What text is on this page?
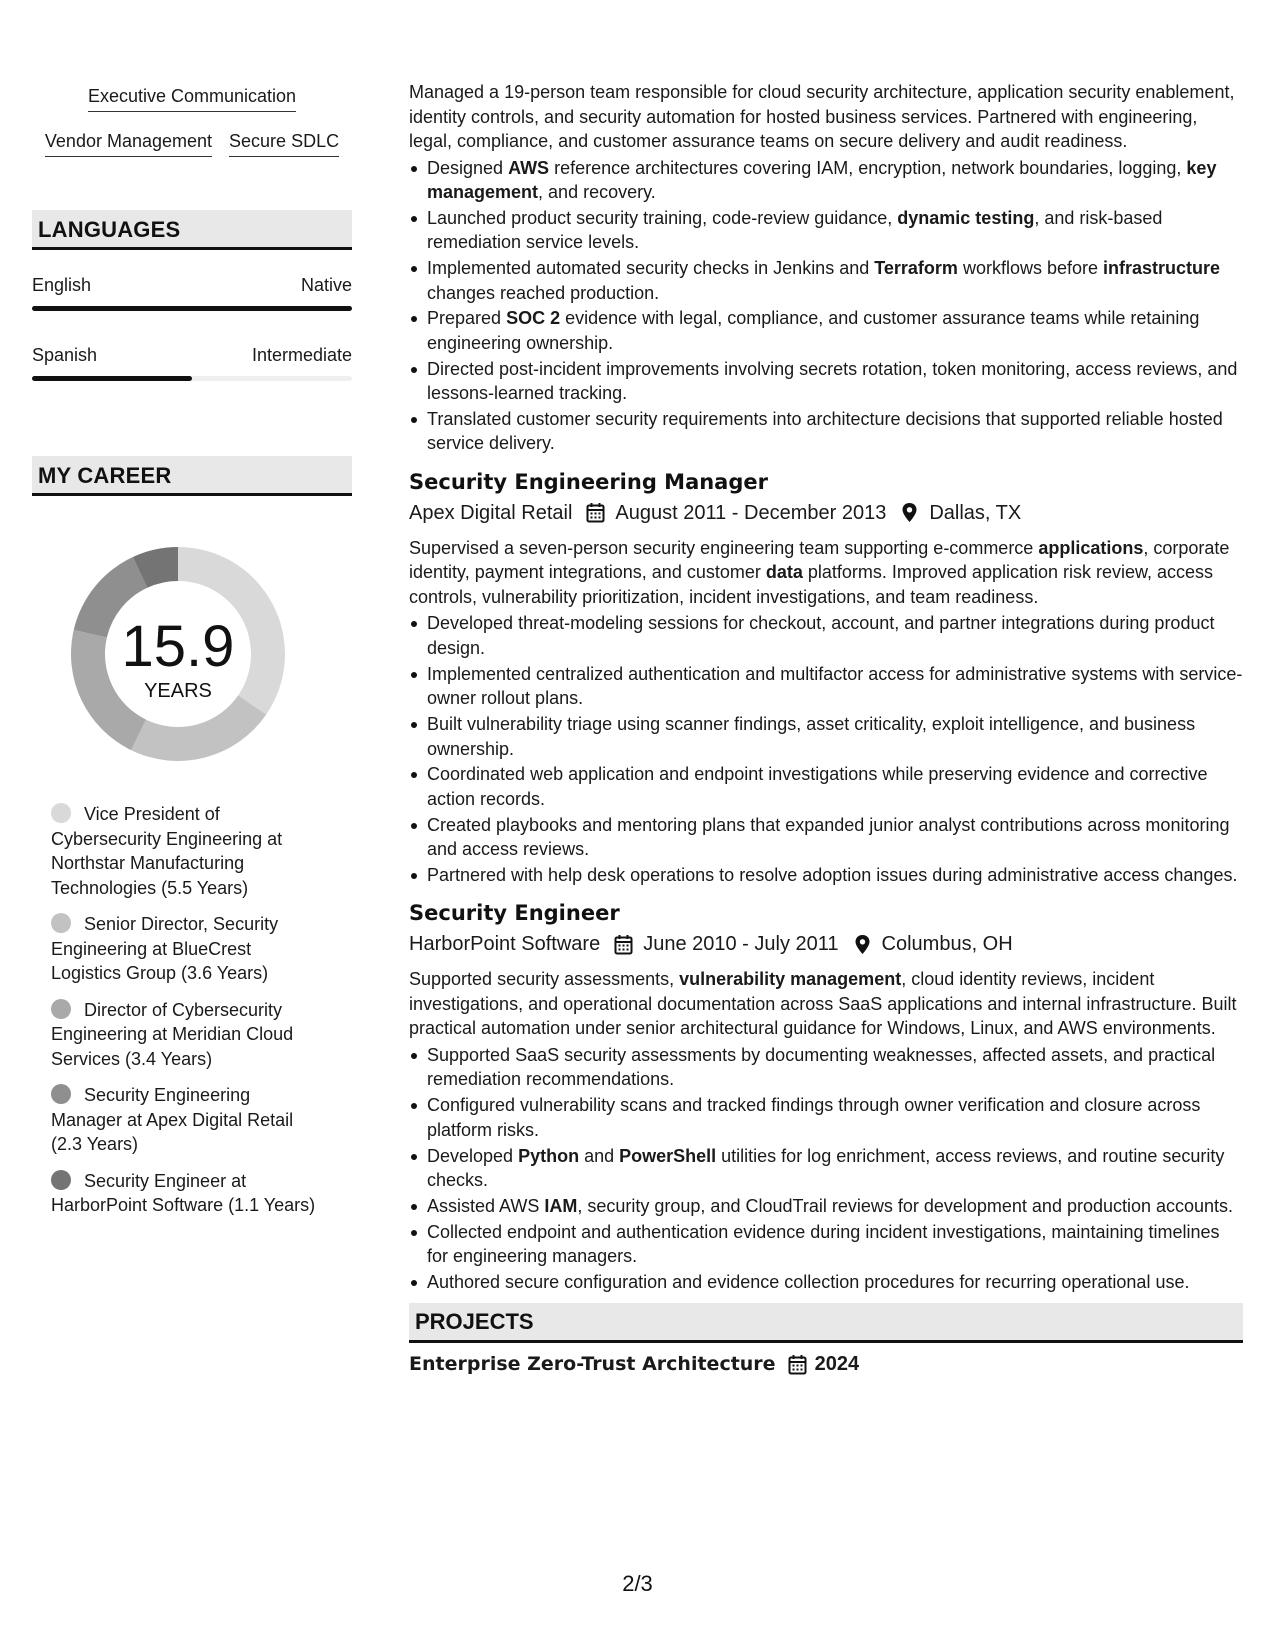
Executive Communication
Vendor Management Secure SDLC
LANGUAGES
English	Native
Spanish	Intermediate
MY CAREER
15.9
YEARS
Vice President of Cybersecurity Engineering at Northstar Manufacturing Technologies (5.5 Years)
Senior Director, Security Engineering at BlueCrest Logistics Group (3.6 Years)
Director of Cybersecurity Engineering at Meridian Cloud Services (3.4 Years)
Security Engineering Manager at Apex Digital Retail (2.3 Years)
Security Engineer at HarborPoint Software (1.1 Years)

Managed a 19-person team responsible for cloud security architecture, application security enablement, identity controls, and security automation for hosted business services. Partnered with engineering, legal, compliance, and customer assurance teams on secure delivery and audit readiness.

Designed AWS reference architectures covering IAM, encryption, network boundaries, logging, key management, and recovery.
Launched product security training, code-review guidance, dynamic testing, and risk-based remediation service levels.
Implemented automated security checks in Jenkins and Terraform workflows before infrastructure changes reached production.
Prepared SOC 2 evidence with legal, compliance, and customer assurance teams while retaining engineering ownership.
Directed post-incident improvements involving secrets rotation, token monitoring, access reviews, and lessons-learned tracking.
Translated customer security requirements into architecture decisions that supported reliable hosted service delivery.
Security Engineering Manager
Apex Digital Retail August 2011 - December 2013 Dallas, TX

Supervised a seven-person security engineering team supporting e-commerce applications, corporate identity, payment integrations, and customer data platforms. Improved application risk review, access controls, vulnerability prioritization, incident investigations, and team readiness.

Developed threat-modeling sessions for checkout, account, and partner integrations during product design.
Implemented centralized authentication and multifactor access for administrative systems with service-owner rollout plans.
Built vulnerability triage using scanner findings, asset criticality, exploit intelligence, and business ownership.
Coordinated web application and endpoint investigations while preserving evidence and corrective action records.
Created playbooks and mentoring plans that expanded junior analyst contributions across monitoring and access reviews.
Partnered with help desk operations to resolve adoption issues during administrative access changes.
Security Engineer
HarborPoint Software June 2010 - July 2011 Columbus, OH

Supported security assessments, vulnerability management, cloud identity reviews, incident investigations, and operational documentation across SaaS applications and internal infrastructure. Built practical automation under senior architectural guidance for Windows, Linux, and AWS environments.

Supported SaaS security assessments by documenting weaknesses, affected assets, and practical remediation recommendations.
Configured vulnerability scans and tracked findings through owner verification and closure across platform risks.
Developed Python and PowerShell utilities for log enrichment, access reviews, and routine security checks.
Assisted AWS IAM, security group, and CloudTrail reviews for development and production accounts.
Collected endpoint and authentication evidence during incident investigations, maintaining timelines for engineering managers.
Authored secure configuration and evidence collection procedures for recurring operational use.
PROJECTS
Enterprise Zero-Trust Architecture 2024
2/3
